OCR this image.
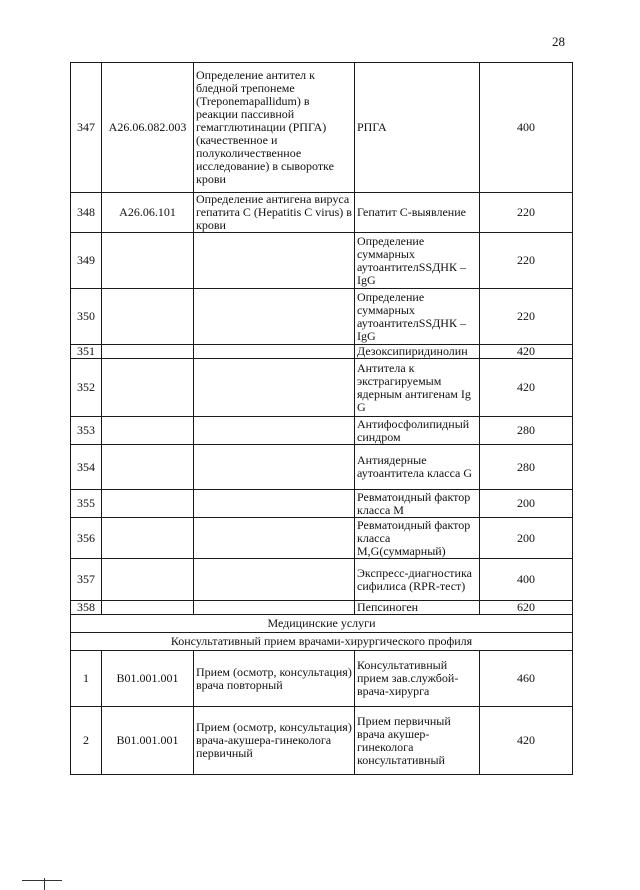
28
347	A26.06.082.003	Определение антител к бледной трепонеме (Treponemapallidum) в реакции пассивной гемагглютинации (РПГА) (качественное и полуколичественное исследование) в сыворотке крови	РПГА	400
348	A26.06.101	Определение антигена вируса гепатита С (Hepatitis C virus) в крови	Гепатит С-выявление	220
349			Определение суммарных аутоантителSSДНК – IgG	220
350			Определение суммарных аутоантителSSДНК – IgG	220
351			Дезоксипиридинолин	420
352			Антитела к экстрагируемым ядерным антигенам Ig G	420
353			Антифосфолипидный синдром	280
354			Антиядерные аутоантитела класса G	280
355			Ревматоидный фактор класса М	200
356			Ревматоидный фактор класса M,G(суммарный)	200
357			Экспресс-диагностика сифилиса (RPR-тест)	400
358			Пепсиноген	620
Медицинские услуги				
Консультативный прием врачами-хирургического профиля				
1	B01.001.001	Прием (осмотр, консультация) врача повторный	Консультативный прием зав.службой-врача-хирурга	460
2	B01.001.001	Прием (осмотр, консультация) врача-акушера-гинеколога первичный	Прием первичный врача акушер-гинеколога консультативный	420
